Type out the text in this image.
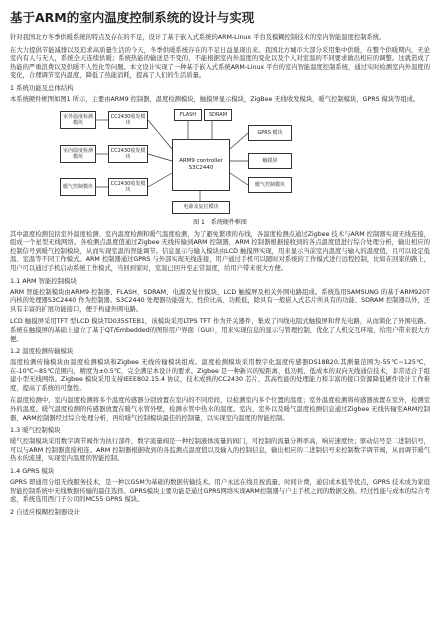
基于ARM的室内温度控制系统的设计与实现
针对我国北方冬季供暖系统的特点及存在的不足，设计了基于嵌入式系统的ARM-Linux 平台及模糊控制技术的室内智能温度控制系统。
在大力提倡节能减排以及追求高质量生活的今天，冬季供暖系统存在的不足日益显现出来。我国北方城市大部分采用集中供暖，在整个供暖期内，无论室内有人与无人，系统全天连续供暖；系统热能的输送是不变的，不能根据室内外温度的变化以及个人对室温的不同要求做出相应的调整。这就造成了热能的严重浪费以及供暖不人性化等问题。本文设计实现了一种基于嵌入式系统ARM-Linux 平台的室内智能温度控制系统，通过实时检测室内外温度的变化，合理调节室内温度，降低了热能消耗，提高了人们的生活质量。
1 系统功能及总体结构
本系统硬件框图如图1 所示，主要由ARM9 控制器，温度检测模块，触摸屏显示模块，ZigBee 无线收发模块，暖气控制模块，GPRS 模块等组成。
室外温度检测模块
CC2430收发模块
室内温度检测模块
CC2430收发模块
暖气控制模块	CC2430收发模块
FLASH	SDRAM
ARM9 controller S3C2440
GPRS 模块
触摸屏
暖气控制模块
电源及复位模块
图 1　系统硬件框图
其中温度检测包括室外温度检测、室内温度检测和暖气温度检测，为了避免繁琐的布线，各温度检测点通过Zigbee 技术与ARM 控制器实现无线连接，组成一个星型无线网络。各检测点温度值通过Zigbee 无线传输到ARM 控制器，ARM 控制器根据接收到的各点温度值进行综合处理分析，输出相应的控制信号到暖气控制模块，从而实现室温的智能调节。信息显示与输入模块由LCD 触摸屏实现，用来显示当前室内温度与输入的温度值，且可以设定低温、室温等不同工作模式。ARM 控制器通过GPRS 与外部实现无线连接，用户通过手机可以随时对系统的工作模式进行远程控制，比如在回家的路上，用户可以通过手机启动系统工作模式，当回到家时，室温已回升至正常温度，给用户带来很大方便。
1.1 ARM 智能控制模块
ARM 智能控制模块由ARM9 控制器、FLASH、SDRAM、电源及复位模块、LCD 触摸屏及相关外围电路组成。系统选用SAMSUNG 的基于ARM920T 内核的处理器S3C2440 作为控制器。S3C2440 处理器功能强大、性价比高、功耗低，除具有一般嵌入式芯片所具有的功能、SDRAM 控制器以外，还具有丰富的扩展功能接口，便于构建外围电路。
LCD 触摸屏采用TFT 型LCD 模块TD035STEB1，该模块采用LTPS TFT 作为开关器件，集成了四线电阻式触摸屏和背光电路，从而简化了外围电路。系统在触摸屏的基础上建立了基于QT/Embedded的图形用户界面（GUI），用来实现信息的显示与管理控制，优化了人机交互环境，给用户带来很大方便。
1.2 温度检测传输模块
温度检测传输模块由温度检测模块和Zigbee 无线传输模块组成。温度检测模块采用数字化温度传感器DS18B20,其测量范围为-55℃~125℃，在-10℃~85℃范围内，精度为±0.5℃，完全满足本设计的要求。Zigbee 是一种新兴的短距离、低功耗、低成本的双向无线通信技术，非常适合于组建小型无线网络。Zigbee 模块采用支持IEEE802.15.4 协议，技术成熟的CC2430 芯片，其高性能的处理能力和丰富的接口资源降低硬件设计工作难度，提高了系统的可靠性。
在温度检测中，室内温度检测将多个温度传感器分别放置在室内的不同房间，以检测室内多个位置的温度；室外温度检测将传感器放置在室外，检测室外的温度。暖气温度检测的传感器放置在暖气水管外壁，检测水管中热水的温度。室内、室外以及暖气温度检测信息通过Zigbee 无线传输至ARM控制器，ARM控制器经过综合处理分析，再给暖气控制模块最佳的控制量，以实现室内温度的智能控制。
1.3 暖气控制模块
暖气控制模块采用数字调节阀作为执行部件，数字流量阀是一种控制液体流量的阀门，可控制的流量分辨率高，响应速度快；驱动信号是二进制信号，可以与ARM 控制器直接相连。ARM 控制器根据收到的各监测点温度值以及输入的控制信息，输出相应的二进制信号来控制数字调节阀，从而调节暖气热水的流速，实现室内温度的智能控制。
1.4 GPRS 模块
GPRS 即通用分组无线服务技术，是一种以GSM为基础的数据传输技术。用户永远在线且按流量、时间计费，通信成本低等优点，GPRS 技术成为家庭智能控制系统中无线数据传输的最佳选择。GPRS模块主要功能是通过GPRS网络实现ARM控制器与户主手机之间的数据交换。经过性能与成本的综合考虑，系统选用西门子公司的MC55 GPRS 模块。
2 自适应模糊控制器设计
